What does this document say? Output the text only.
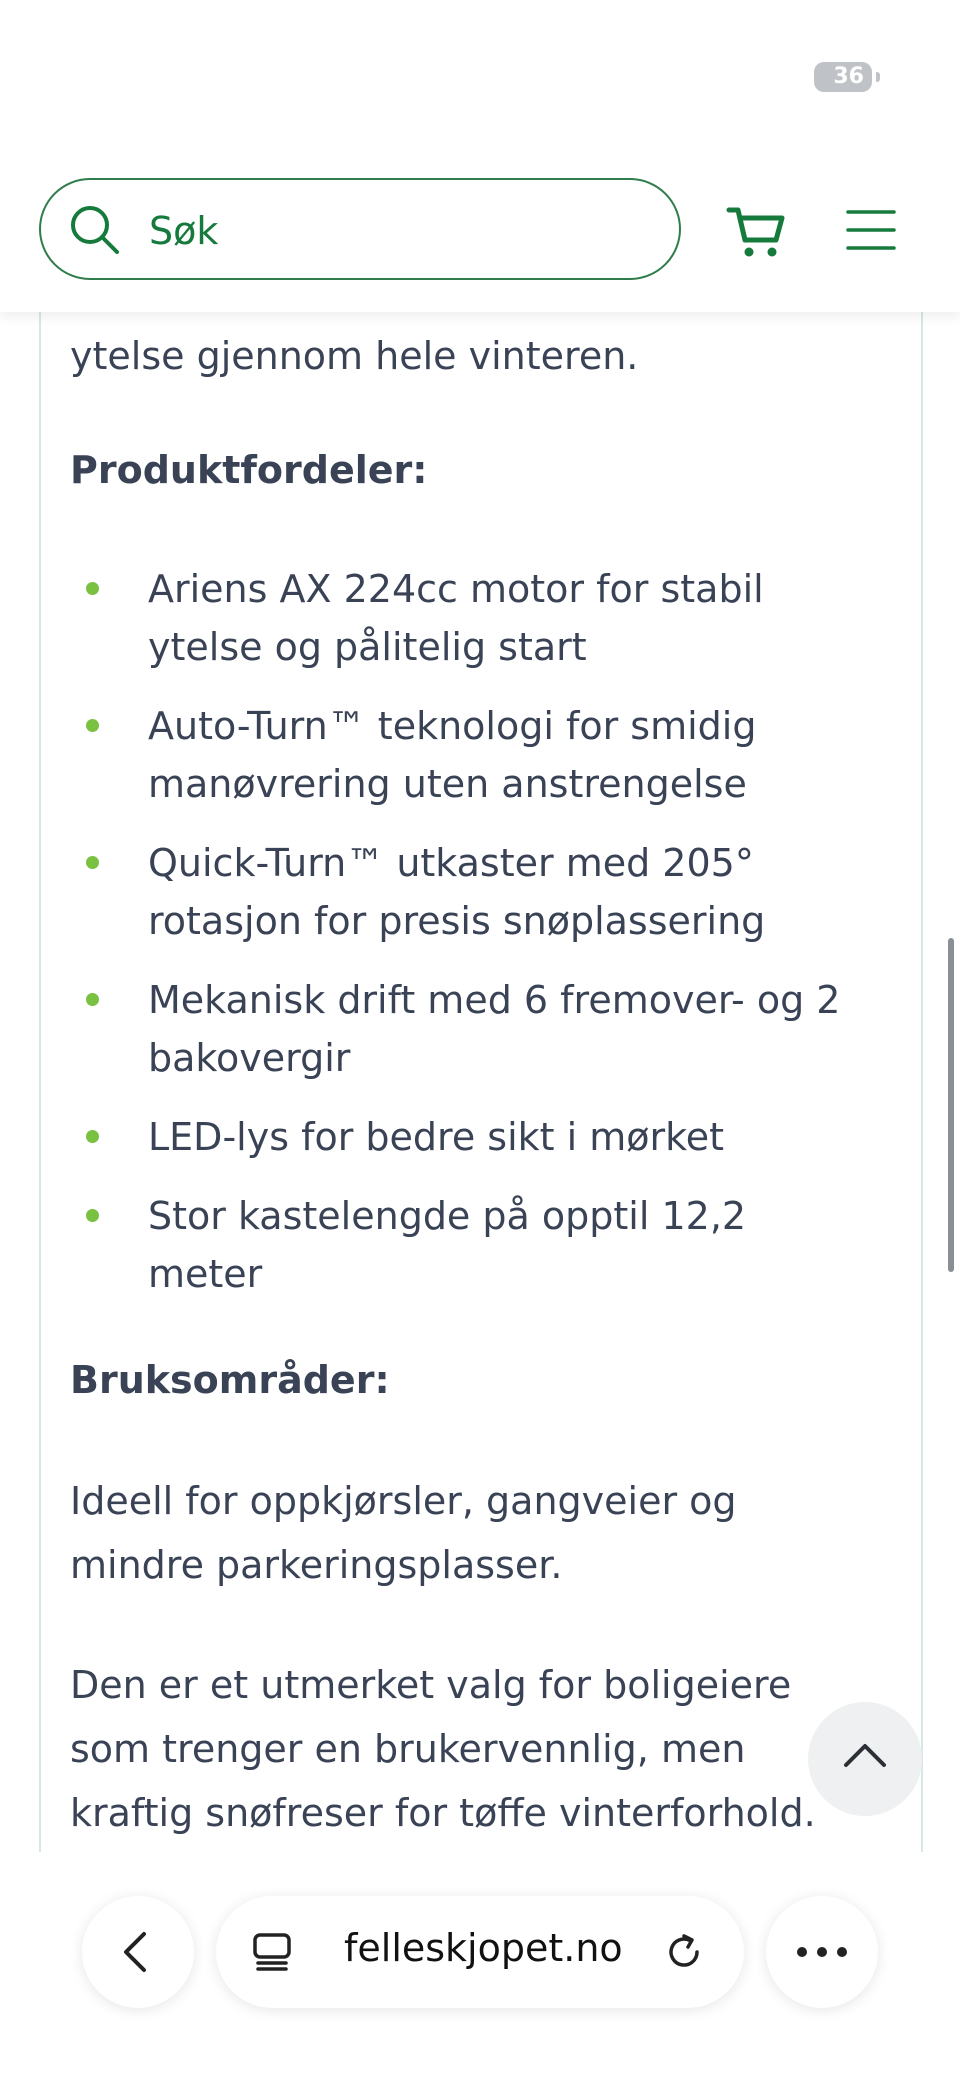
36
Søk
ytelse gjennom hele vinteren.
Produktfordeler:
Ariens AX 224cc motor for stabil
ytelse og pålitelig start
Auto-Turn™ teknologi for smidig
manøvrering uten anstrengelse
Quick-Turn™ utkaster med 205°
rotasjon for presis snøplassering
Mekanisk drift med 6 fremover- og 2
bakovergir
LED-lys for bedre sikt i mørket
Stor kastelengde på opptil 12,2
meter
Bruksområder:
Ideell for oppkjørsler, gangveier og
mindre parkeringsplasser.
Den er et utmerket valg for boligeiere
som trenger en brukervennlig, men
kraftig snøfreser for tøffe vinterforhold.
felleskjopet.no
